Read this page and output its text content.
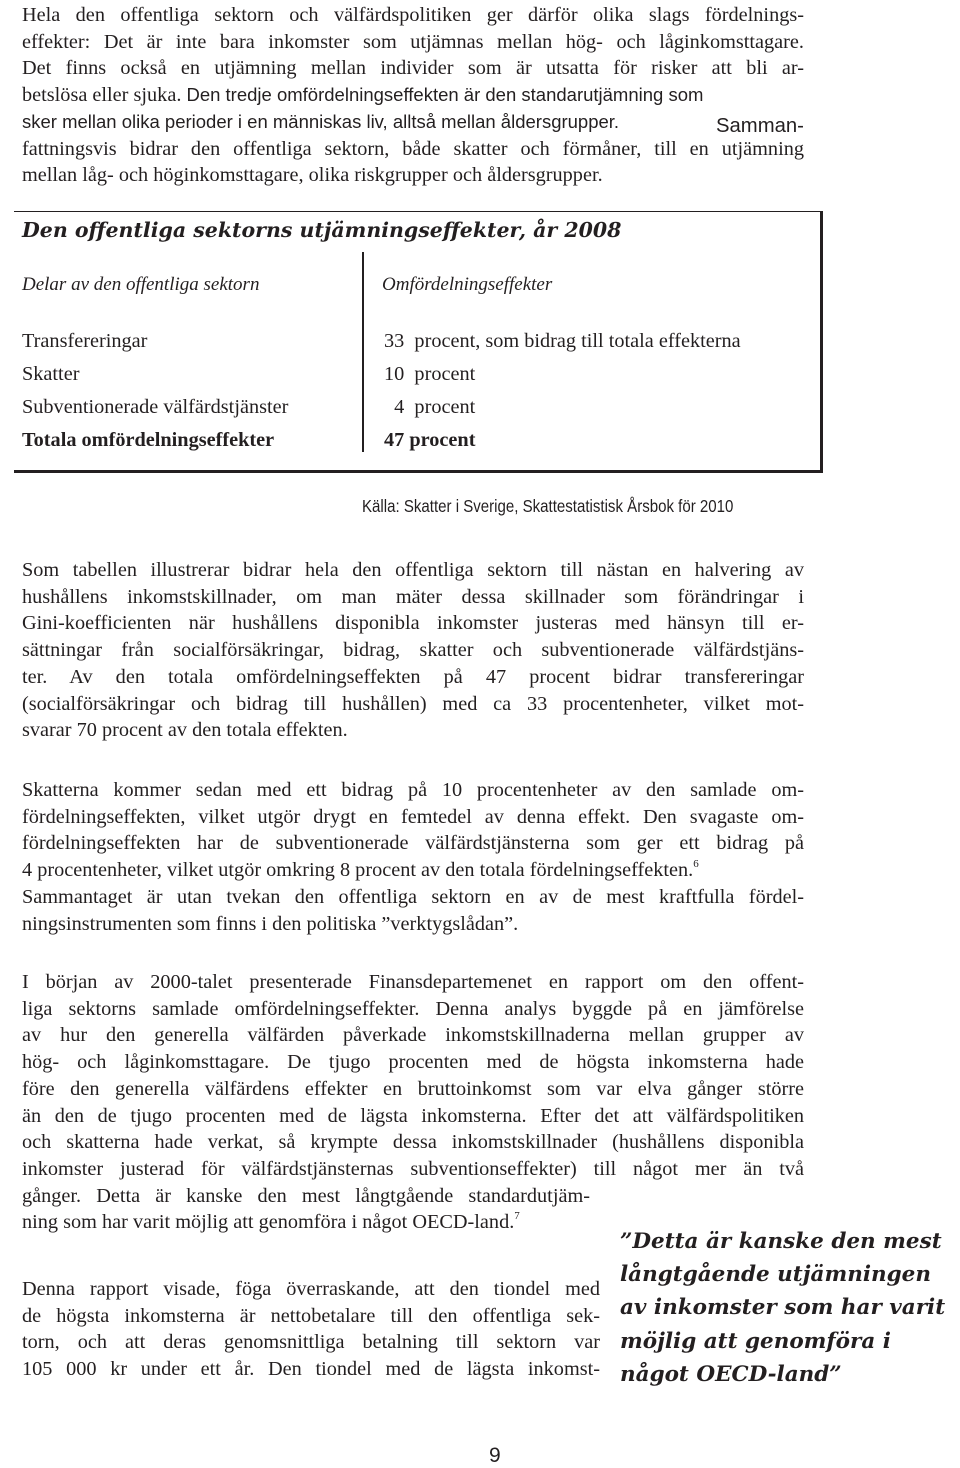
Hela den offentliga sektorn och välfärdspolitiken ger därför olika slags fördelnings-
effekter: Det är inte bara inkomster som utjämnas mellan hög- och låginkomsttagare.
Det finns också en utjämning mellan individer som är utsatta för risker att bli ar-
betslösa eller sjuka. Den tredje omfördelningseffekten är den standarutjämning som
sker mellan olika perioder i en människas liv, alltså mellan åldersgrupper.
fattningsvis bidrar den offentliga sektorn, både skatter och förmåner, till en utjämning
mellan låg- och höginkomsttagare, olika riskgrupper och åldersgrupper.
Samman-
Den offentliga sektorns utjämningseffekter, år 2008
Delar av den offentliga sektorn	Omfördelningseffekter
Transfereringar	33  procent, som bidrag till totala effekterna
Skatter	10  procent
Subventionerade välfärdstjänster	4  procent
Totala omfördelningseffekter	47 procent
Källa: Skatter i Sverige, Skattestatistisk Årsbok för 2010
Som tabellen illustrerar bidrar hela den offentliga sektorn till nästan en halvering av
hushållens inkomstskillnader, om man mäter dessa skillnader som förändringar i
Gini-koefficienten när hushållens disponibla inkomster justeras med hänsyn till er-
sättningar från socialförsäkringar, bidrag, skatter och subventionerade välfärdstjäns-
ter. Av den totala omfördelningseffekten på 47 procent bidrar transfereringar
(socialförsäkringar och bidrag till hushållen) med ca 33 procentenheter, vilket mot-
svarar 70 procent av den totala effekten.
Skatterna kommer sedan med ett bidrag på 10 procentenheter av den samlade om-
fördelningseffekten, vilket utgör drygt en femtedel av denna effekt. Den svagaste om-
fördelningseffekten har de subventionerade välfärdstjänsterna som ger ett bidrag på
4 procentenheter, vilket utgör omkring 8 procent av den totala fördelningseffekten.$^6$
Sammantaget är utan tvekan den offentliga sektorn en av de mest kraftfulla fördel-
ningsinstrumenten som finns i den politiska ”verktygslådan”.
I början av 2000-talet presenterade Finansdepartemenet en rapport om den offent-
liga sektorns samlade omfördelningseffekter. Denna analys byggde på en jämförelse
av hur den generella välfärden påverkade inkomstskillnaderna mellan grupper av
hög- och låginkomsttagare. De tjugo procenten med de högsta inkomsterna hade
före den generella välfärdens effekter en bruttoinkomst som var elva gånger större
än den de tjugo procenten med de lägsta inkomsterna. Efter det att välfärdspolitiken
och skatterna hade verkat, så krympte dessa inkomstskillnader (hushållens disponibla
inkomster justerad för välfärdstjänsternas subventionseffekter) till något mer än två
gånger. Detta är kanske den mest långtgående standardutjäm-
ning som har varit möjlig att genomföra i något OECD-land.$^7$
Denna rapport visade, föga överraskande, att den tiondel med
de högsta inkomsterna är nettobetalare till den offentliga sek-
torn, och att deras genomsnittliga betalning till sektorn var
105 000 kr under ett år. Den tiondel med de lägsta inkomst-
”Detta är kanske den mest
långtgående utjämningen
av inkomster som har varit
möjlig att genomföra i
något OECD-land”
9
